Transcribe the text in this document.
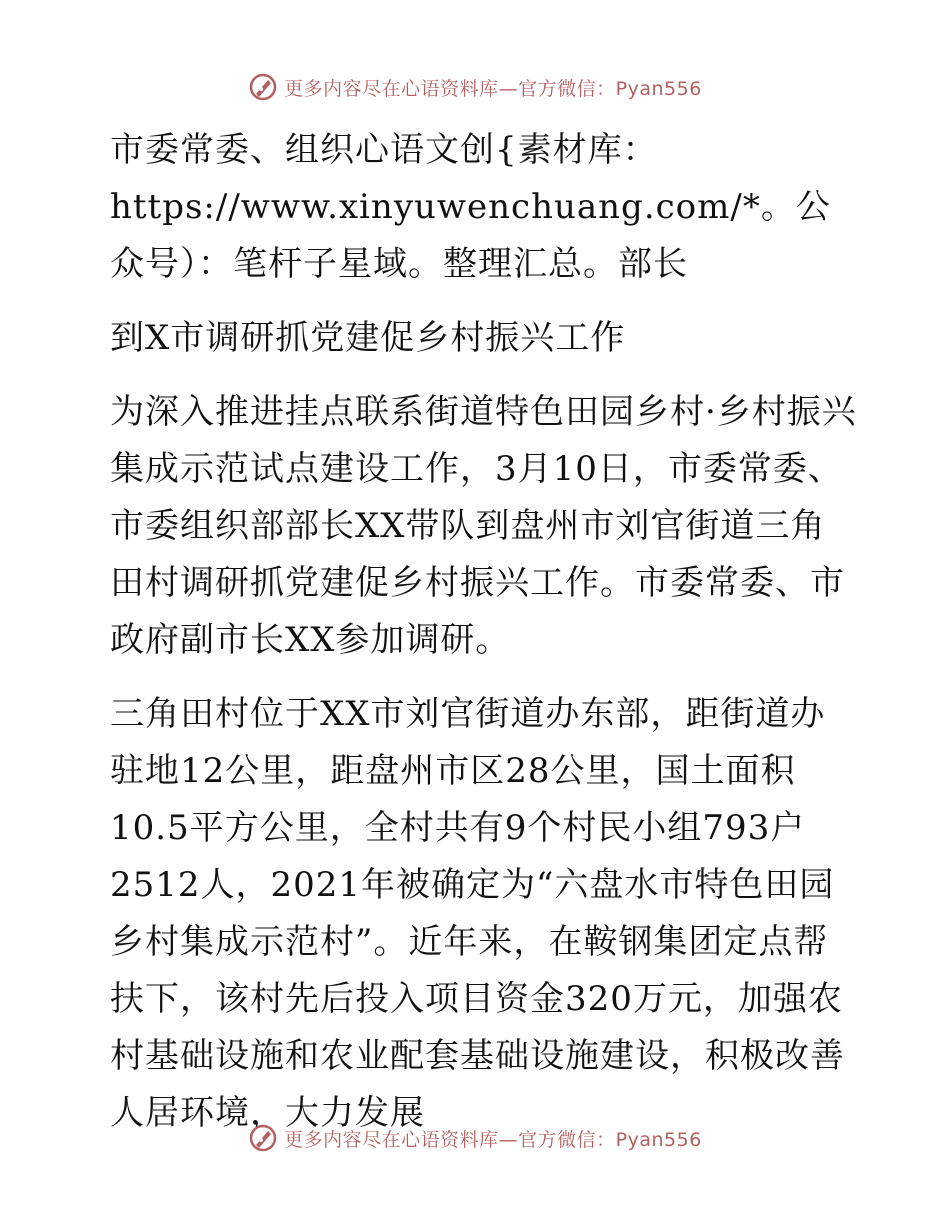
更多内容尽在心语资料库—官方微信：Pyan556

市委常委、组织心语文创{素材库：https://www.xinyuwenchuang.com/*。公众号）：笔杆子星域。整理汇总。部长

到X市调研抓党建促乡村振兴工作

为深入推进挂点联系街道特色田园乡村·乡村振兴集成示范试点建设工作，3月10日，市委常委、市委组织部部长XX带队到盘州市刘官街道三角田村调研抓党建促乡村振兴工作。市委常委、市政府副市长XX参加调研。

三角田村位于XX市刘官街道办东部，距街道办驻地12公里，距盘州市区28公里，国土面积10.5平方公里，全村共有9个村民小组793户2512人，2021年被确定为“六盘水市特色田园乡村集成示范村”。近年来，在鞍钢集团定点帮扶下，该村先后投入项目资金320万元，加强农村基础设施和农业配套基础设施建设，积极改善人居环境，大力发展

更多内容尽在心语资料库—官方微信：Pyan556
